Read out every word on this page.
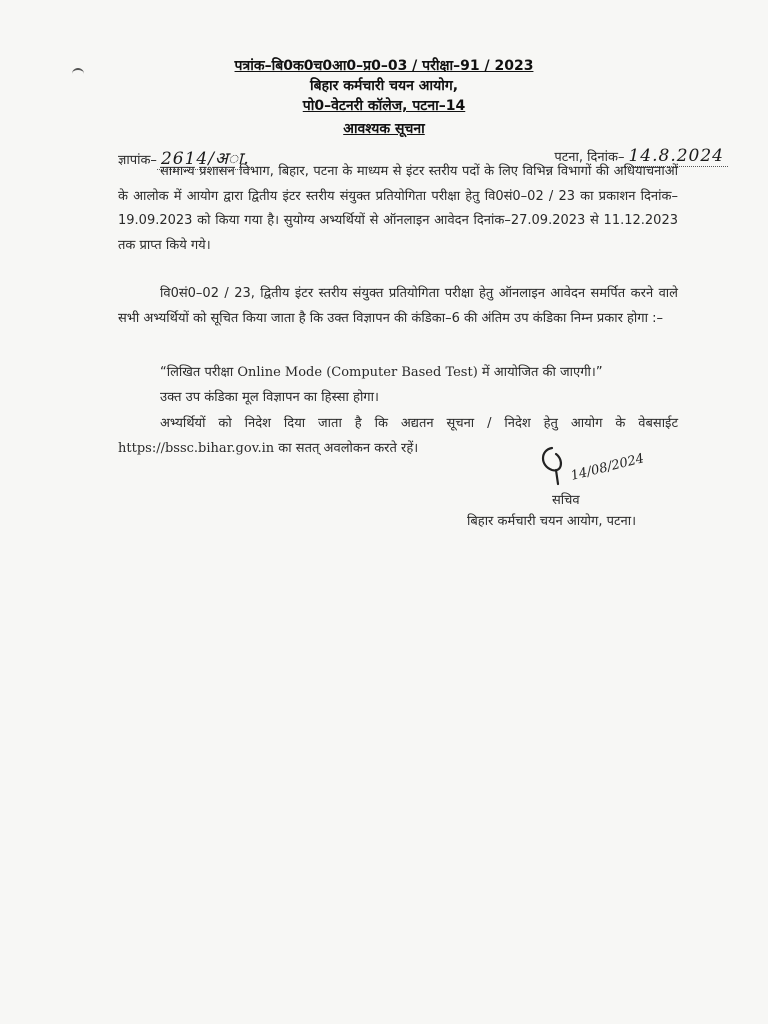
पत्रांक–बि0क0च0आ0–प्र0–03 / परीक्षा–91 / 2023
बिहार कर्मचारी चयन आयोग,
पो0–वेटनरी कॉलेज, पटना–14
आवश्यक सूचना
ज्ञापांक– 2614/अा.	पटना, दिनांक– 14.8.2024
सामान्य प्रशासन विभाग, बिहार, पटना के माध्यम से इंटर स्तरीय पदों के लिए विभिन्न विभागों की अधियाचनाओं के आलोक में आयोग द्वारा द्वितीय इंटर स्तरीय संयुक्त प्रतियोगिता परीक्षा हेतु वि0सं0–02 / 23 का प्रकाशन दिनांक–19.09.2023 को किया गया है। सुयोग्य अभ्यर्थियों से ऑनलाइन आवेदन दिनांक–27.09.2023 से 11.12.2023 तक प्राप्त किये गये।
वि0सं0–02 / 23, द्वितीय इंटर स्तरीय संयुक्त प्रतियोगिता परीक्षा हेतु ऑनलाइन आवेदन समर्पित करने वाले सभी अभ्यर्थियों को सूचित किया जाता है कि उक्त विज्ञापन की कंडिका–6 की अंतिम उप कंडिका निम्न प्रकार होगा :–
“लिखित परीक्षा Online Mode (Computer Based Test) में आयोजित की जाएगी।”
उक्त उप कंडिका मूल विज्ञापन का हिस्सा होगा।
अभ्यर्थियों को निदेश दिया जाता है कि अद्यतन सूचना / निदेश हेतु आयोग के वेबसाईट https://bssc.bihar.gov.in का सतत् अवलोकन करते रहें।
14/08/2024
सचिव
बिहार कर्मचारी चयन आयोग, पटना।
